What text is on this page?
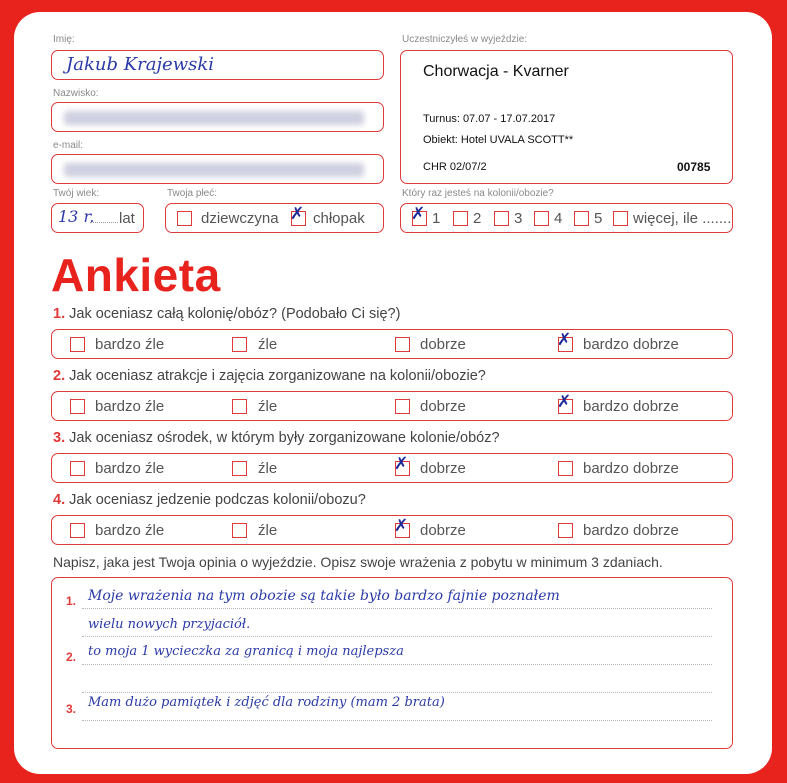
Imię:
Jakub Krajewski
Nazwisko:
e-mail:
Twój wiek:
13 r. lat
Twoja płeć:
dziewczyna ✗ chłopak
Uczestniczyłeś w wyjeździe:
Chorwacja - Kvarner
Turnus: 07.07 - 17.07.2017
Obiekt: Hotel UVALA SCOTT**
CHR 02/07/2	00785
Który raz jesteś na kolonii/obozie?
✗ 1 2 3 4 5 więcej, ile .......
Ankieta
1. Jak oceniasz całą kolonię/obóz? (Podobało Ci się?)
bardzo źle	źle	dobrze	✗ bardzo dobrze
2. Jak oceniasz atrakcje i zajęcia zorganizowane na kolonii/obozie?
bardzo źle	źle	dobrze	✗ bardzo dobrze
3. Jak oceniasz ośrodek, w którym były zorganizowane kolonie/obóz?
bardzo źle	źle	✗ dobrze	bardzo dobrze
4. Jak oceniasz jedzenie podczas kolonii/obozu?
bardzo źle	źle	✗ dobrze	bardzo dobrze
Napisz, jaka jest Twoja opinia o wyjeździe. Opisz swoje wrażenia z pobytu w minimum 3 zdaniach.
1. Moje wrażenia na tym obozie są takie było bardzo fajnie poznałem
wielu nowych przyjaciół.
2. to moja 1 wycieczka za granicą i moja najlepsza
3. Mam dużo pamiątek i zdjęć dla rodziny (mam 2 brata)
